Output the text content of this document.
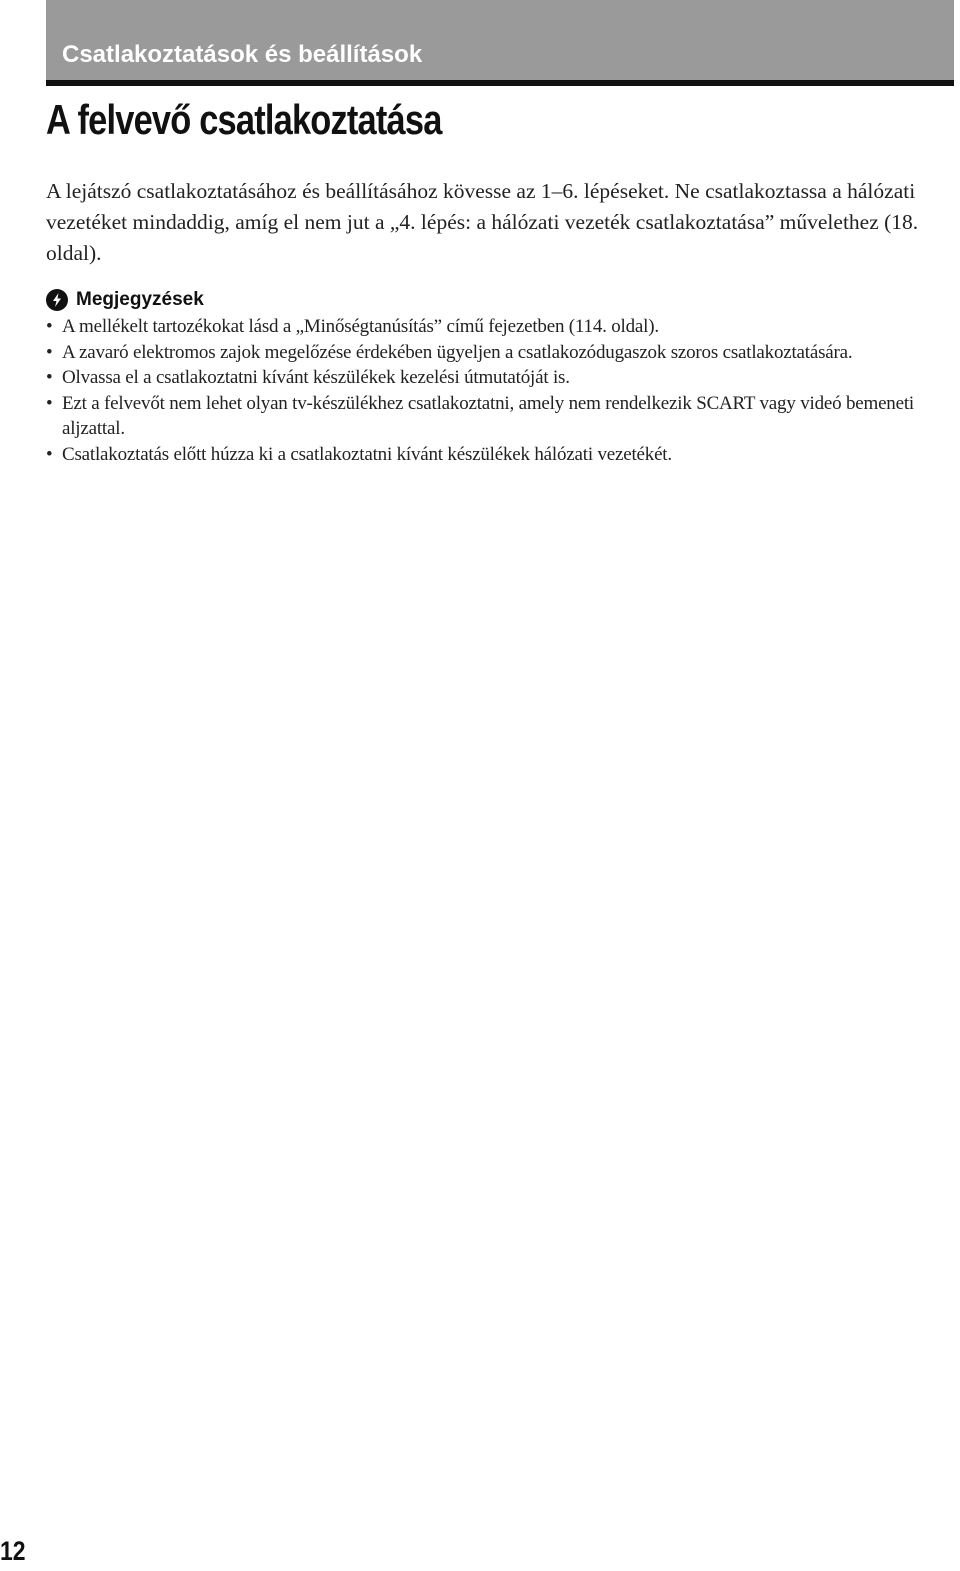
Csatlakoztatások és beállítások
A felvevő csatlakoztatása

A lejátszó csatlakoztatásához és beállításához kövesse az 1–6. lépéseket. Ne csatlakoztassa a hálózati vezetéket mindaddig, amíg el nem jut a „4. lépés: a hálózati vezeték csatlakoztatása” művelethez (18. oldal).

Megjegyzések
• A mellékelt tartozékokat lásd a „Minőségtanúsítás” című fejezetben (114. oldal).
• A zavaró elektromos zajok megelőzése érdekében ügyeljen a csatlakozódugaszok szoros csatlakoztatására.
• Olvassa el a csatlakoztatni kívánt készülékek kezelési útmutatóját is.
• Ezt a felvevőt nem lehet olyan tv-készülékhez csatlakoztatni, amely nem rendelkezik SCART vagy videó bemeneti aljzattal.
• Csatlakoztatás előtt húzza ki a csatlakoztatni kívánt készülékek hálózati vezetékét.
12
